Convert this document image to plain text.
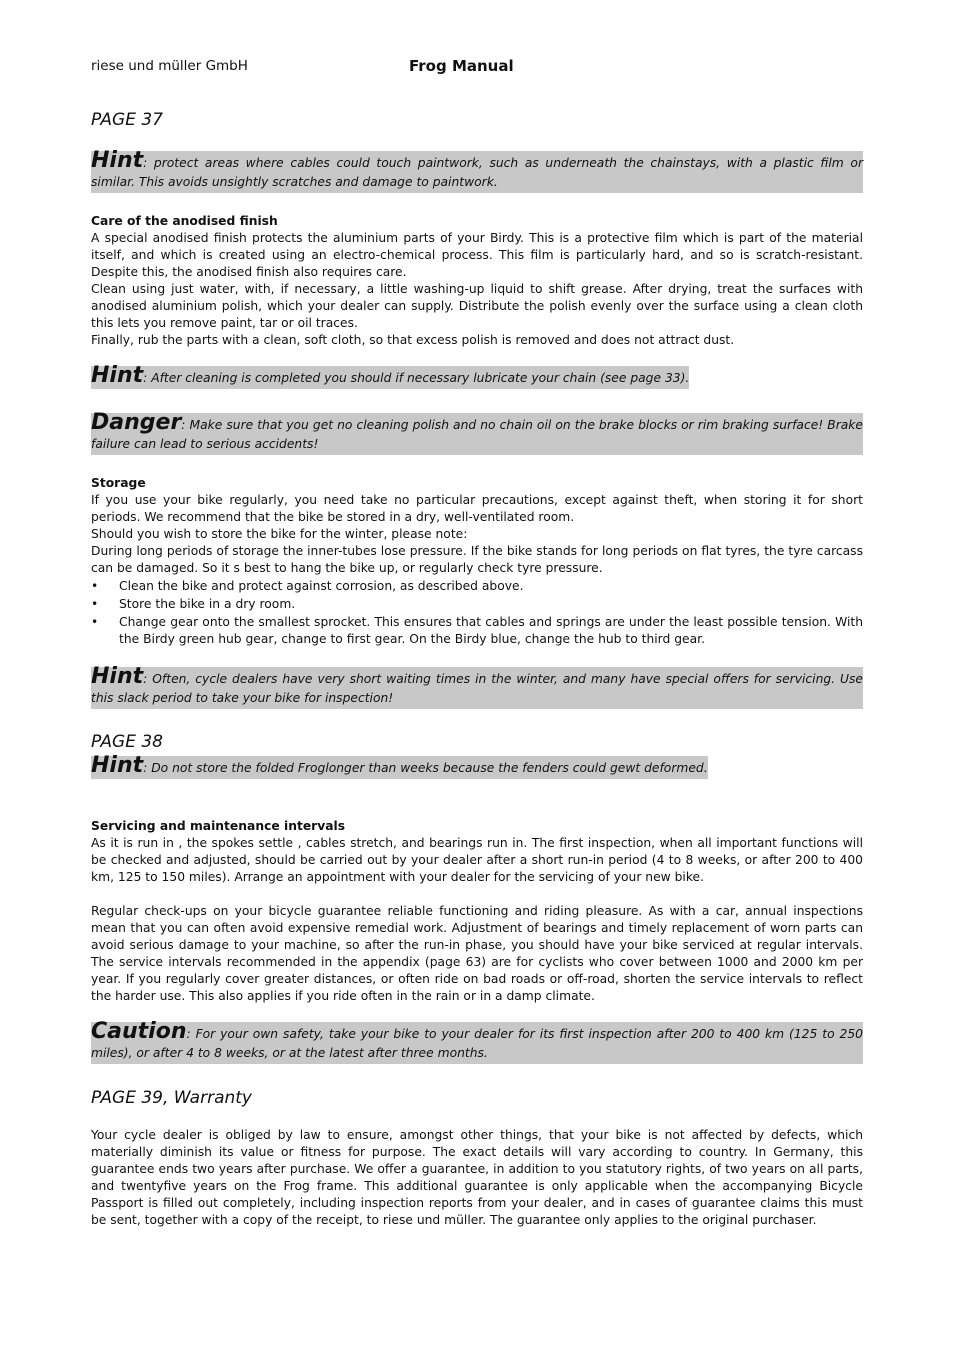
riese und müller GmbH	Frog Manual
PAGE 37
Hint: protect areas where cables could touch paintwork, such as underneath the chainstays, with a plastic film or similar. This avoids unsightly scratches and damage to paintwork.
Care of the anodised finish
A special anodised finish protects the aluminium parts of your Birdy. This is a protective film which is part of the material itself, and which is created using an electro-chemical process. This film is particularly hard, and so is scratch-resistant. Despite this, the anodised finish also requires care.
Clean using just water, with, if necessary, a little washing-up liquid to shift grease. After drying, treat the surfaces with anodised aluminium polish, which your dealer can supply. Distribute the polish evenly over the surface using a clean cloth this lets you remove paint, tar or oil traces.
Finally, rub the parts with a clean, soft cloth, so that excess polish is removed and does not attract dust.
Hint: After cleaning is completed you should if necessary lubricate your chain (see page 33).
Danger: Make sure that you get no cleaning polish and no chain oil on the brake blocks or rim braking surface! Brake failure can lead to serious accidents!
Storage
If you use your bike regularly, you need take no particular precautions, except against theft, when storing it for short periods. We recommend that the bike be stored in a dry, well-ventilated room.
Should you wish to store the bike for the winter, please note:
During long periods of storage the inner-tubes lose pressure. If the bike stands for long periods on flat tyres, the tyre carcass can be damaged. So it s best to hang the bike up, or regularly check tyre pressure.
• Clean the bike and protect against corrosion, as described above.
• Store the bike in a dry room.
• Change gear onto the smallest sprocket. This ensures that cables and springs are under the least possible tension. With the Birdy green hub gear, change to first gear. On the Birdy blue, change the hub to third gear.
Hint: Often, cycle dealers have very short waiting times in the winter, and many have special offers for servicing. Use this slack period to take your bike for inspection!
PAGE 38
Hint: Do not store the folded Froglonger than weeks because the fenders could gewt deformed.
Servicing and maintenance intervals
As it is run in , the spokes settle , cables stretch, and bearings run in. The first inspection, when all important functions will be checked and adjusted, should be carried out by your dealer after a short run-in period (4 to 8 weeks, or after 200 to 400 km, 125 to 150 miles). Arrange an appointment with your dealer for the servicing of your new bike.
Regular check-ups on your bicycle guarantee reliable functioning and riding pleasure. As with a car, annual inspections mean that you can often avoid expensive remedial work. Adjustment of bearings and timely replacement of worn parts can avoid serious damage to your machine, so after the run-in phase, you should have your bike serviced at regular intervals. The service intervals recommended in the appendix (page 63) are for cyclists who cover between 1000 and 2000 km per year. If you regularly cover greater distances, or often ride on bad roads or off-road, shorten the service intervals to reflect the harder use. This also applies if you ride often in the rain or in a damp climate.
Caution: For your own safety, take your bike to your dealer for its first inspection after 200 to 400 km (125 to 250 miles), or after 4 to 8 weeks, or at the latest after three months.
PAGE 39, Warranty
Your cycle dealer is obliged by law to ensure, amongst other things, that your bike is not affected by defects, which materially diminish its value or fitness for purpose. The exact details will vary according to country. In Germany, this guarantee ends two years after purchase. We offer a guarantee, in addition to you statutory rights, of two years on all parts, and twentyfive years on the Frog frame. This additional guarantee is only applicable when the accompanying Bicycle Passport is filled out completely, including inspection reports from your dealer, and in cases of guarantee claims this must be sent, together with a copy of the receipt, to riese und müller. The guarantee only applies to the original purchaser.
